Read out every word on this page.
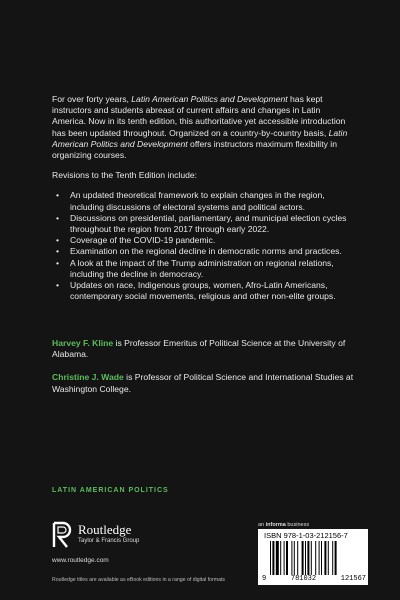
For over forty years, Latin American Politics and Development has kept instructors and students abreast of current affairs and changes in Latin America. Now in its tenth edition, this authoritative yet accessible introduction has been updated throughout. Organized on a country-by-country basis, Latin American Politics and Development offers instructors maximum flexibility in organizing courses.

Revisions to the Tenth Edition include:

• An updated theoretical framework to explain changes in the region, including discussions of electoral systems and political actors.
• Discussions on presidential, parliamentary, and municipal election cycles throughout the region from 2017 through early 2022.
• Coverage of the COVID-19 pandemic.
• Examination on the regional decline in democratic norms and practices.
• A look at the impact of the Trump administration on regional relations, including the decline in democracy.
• Updates on race, Indigenous groups, women, Afro-Latin Americans, contemporary social movements, religious and other non-elite groups.

Harvey F. Kline is Professor Emeritus of Political Science at the University of Alabama.

Christine J. Wade is Professor of Political Science and International Studies at Washington College.

LATIN AMERICAN POLITICS
Routledge
Taylor & Francis Group
www.routledge.com
Routledge titles are available as eBook editions in a range of digital formats
an informa business
ISBN 978-1-03-212156-7
9	781032	121567
